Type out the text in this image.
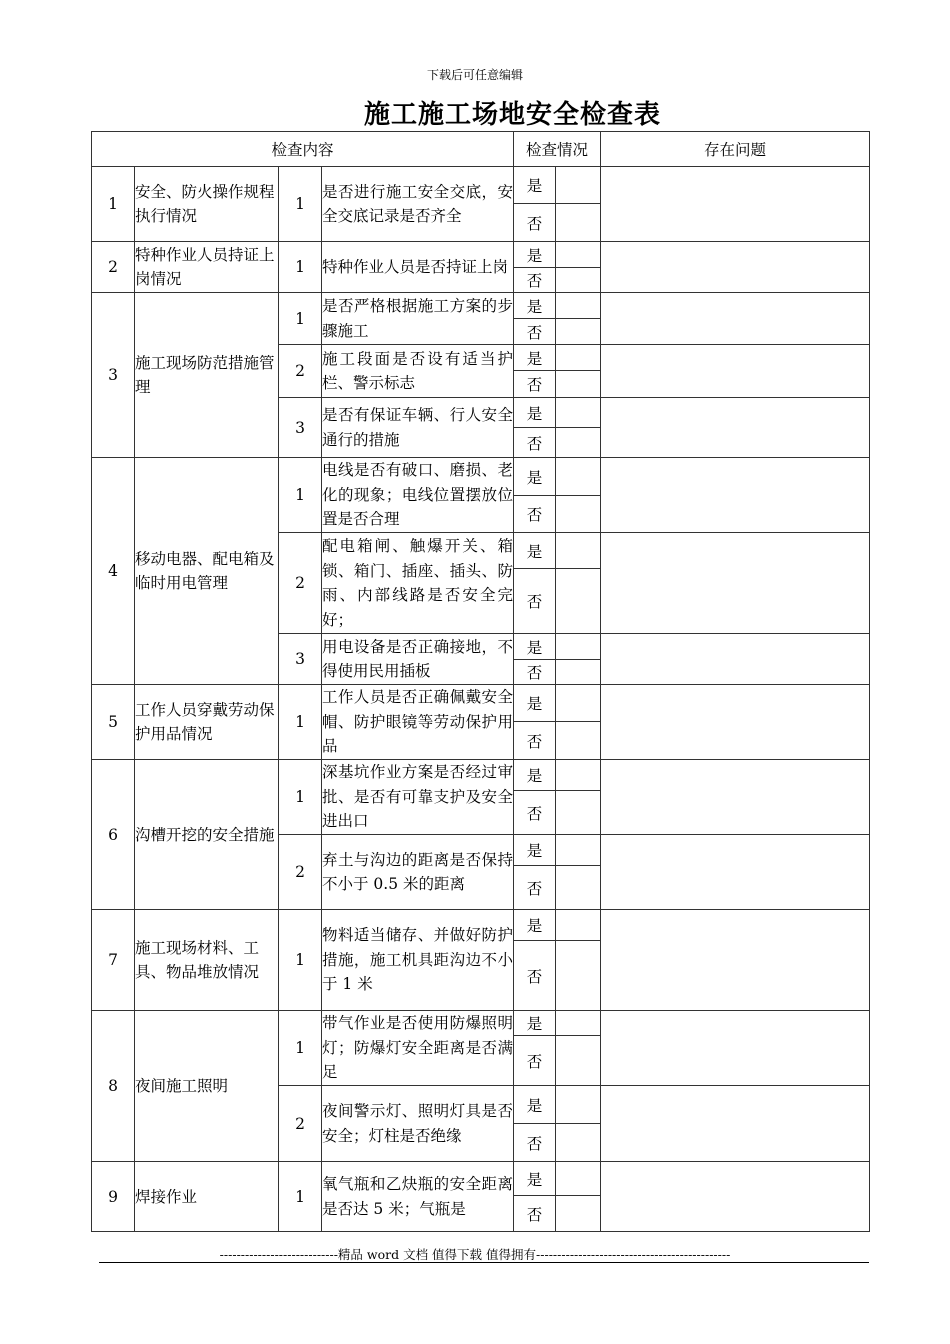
下载后可任意编辑
施工施工场地安全检查表
检查内容				检查情况		存在问题
1	安全、防火操作规程执行情况	1	是否进行施工安全交底，安全交底记录是否齐全	是		
				否		
2	特种作业人员持证上岗情况	1	特种作业人员是否持证上岗	是		
				否		
3	施工现场防范措施管理	1	是否严格根据施工方案的步骤施工	是		
				否		
		2	施工段面是否设有适当护栏、警示标志	是		
				否		
		3	是否有保证车辆、行人安全通行的措施	是		
				否		
4	移动电器、配电箱及临时用电管理	1	电线是否有破口、磨损、老化的现象；电线位置摆放位置是否合理	是		
				否		
		2	配电箱闸、触爆开关、箱锁、箱门、插座、插头、防雨、内部线路是否安全完好；	是		
				否		
		3	用电设备是否正确接地，不得使用民用插板	是		
				否		
5	工作人员穿戴劳动保护用品情况	1	工作人员是否正确佩戴安全帽、防护眼镜等劳动保护用品	是		
				否		
6	沟槽开挖的安全措施	1	深基坑作业方案是否经过审批、是否有可靠支护及安全进出口	是		
				否		
		2	弃土与沟边的距离是否保持不小于 0.5 米的距离	是		
				否		
7	施工现场材料、工具、物品堆放情况	1	物料适当储存、并做好防护措施，施工机具距沟边不小于 1 米	是		
				否		
8	夜间施工照明	1	带气作业是否使用防爆照明灯；防爆灯安全距离是否满足	是		
				否		
		2	夜间警示灯、照明灯具是否安全；灯柱是否绝缘	是		
				否		
9	焊接作业	1	氧气瓶和乙炔瓶的安全距离是否达 5 米；气瓶是	是		
				否		
----------------------------精品 word 文档 值得下载 值得拥有----------------------------------------------
